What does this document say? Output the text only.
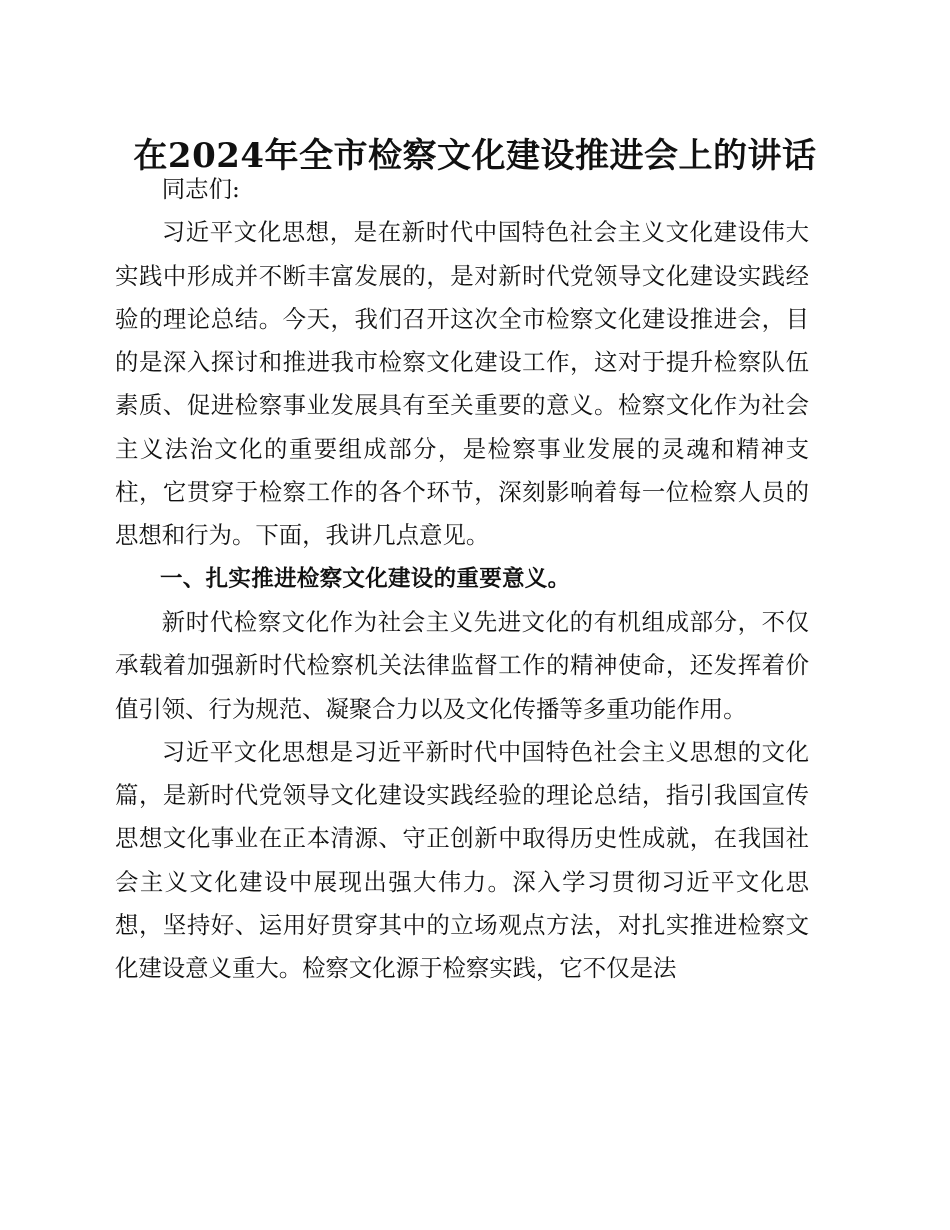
在2024年全市检察文化建设推进会上的讲话

同志们:

习近平文化思想，是在新时代中国特色社会主义文化建设伟大实践中形成并不断丰富发展的，是对新时代党领导文化建设实践经验的理论总结。今天，我们召开这次全市检察文化建设推进会，目的是深入探讨和推进我市检察文化建设工作，这对于提升检察队伍素质、促进检察事业发展具有至关重要的意义。检察文化作为社会主义法治文化的重要组成部分，是检察事业发展的灵魂和精神支柱，它贯穿于检察工作的各个环节，深刻影响着每一位检察人员的思想和行为。下面，我讲几点意见。

一、扎实推进检察文化建设的重要意义。

新时代检察文化作为社会主义先进文化的有机组成部分，不仅承载着加强新时代检察机关法律监督工作的精神使命，还发挥着价值引领、行为规范、凝聚合力以及文化传播等多重功能作用。

习近平文化思想是习近平新时代中国特色社会主义思想的文化篇，是新时代党领导文化建设实践经验的理论总结，指引我国宣传思想文化事业在正本清源、守正创新中取得历史性成就，在我国社会主义文化建设中展现出强大伟力。深入学习贯彻习近平文化思想，坚持好、运用好贯穿其中的立场观点方法，对扎实推进检察文化建设意义重大。检察文化源于检察实践，它不仅是法
